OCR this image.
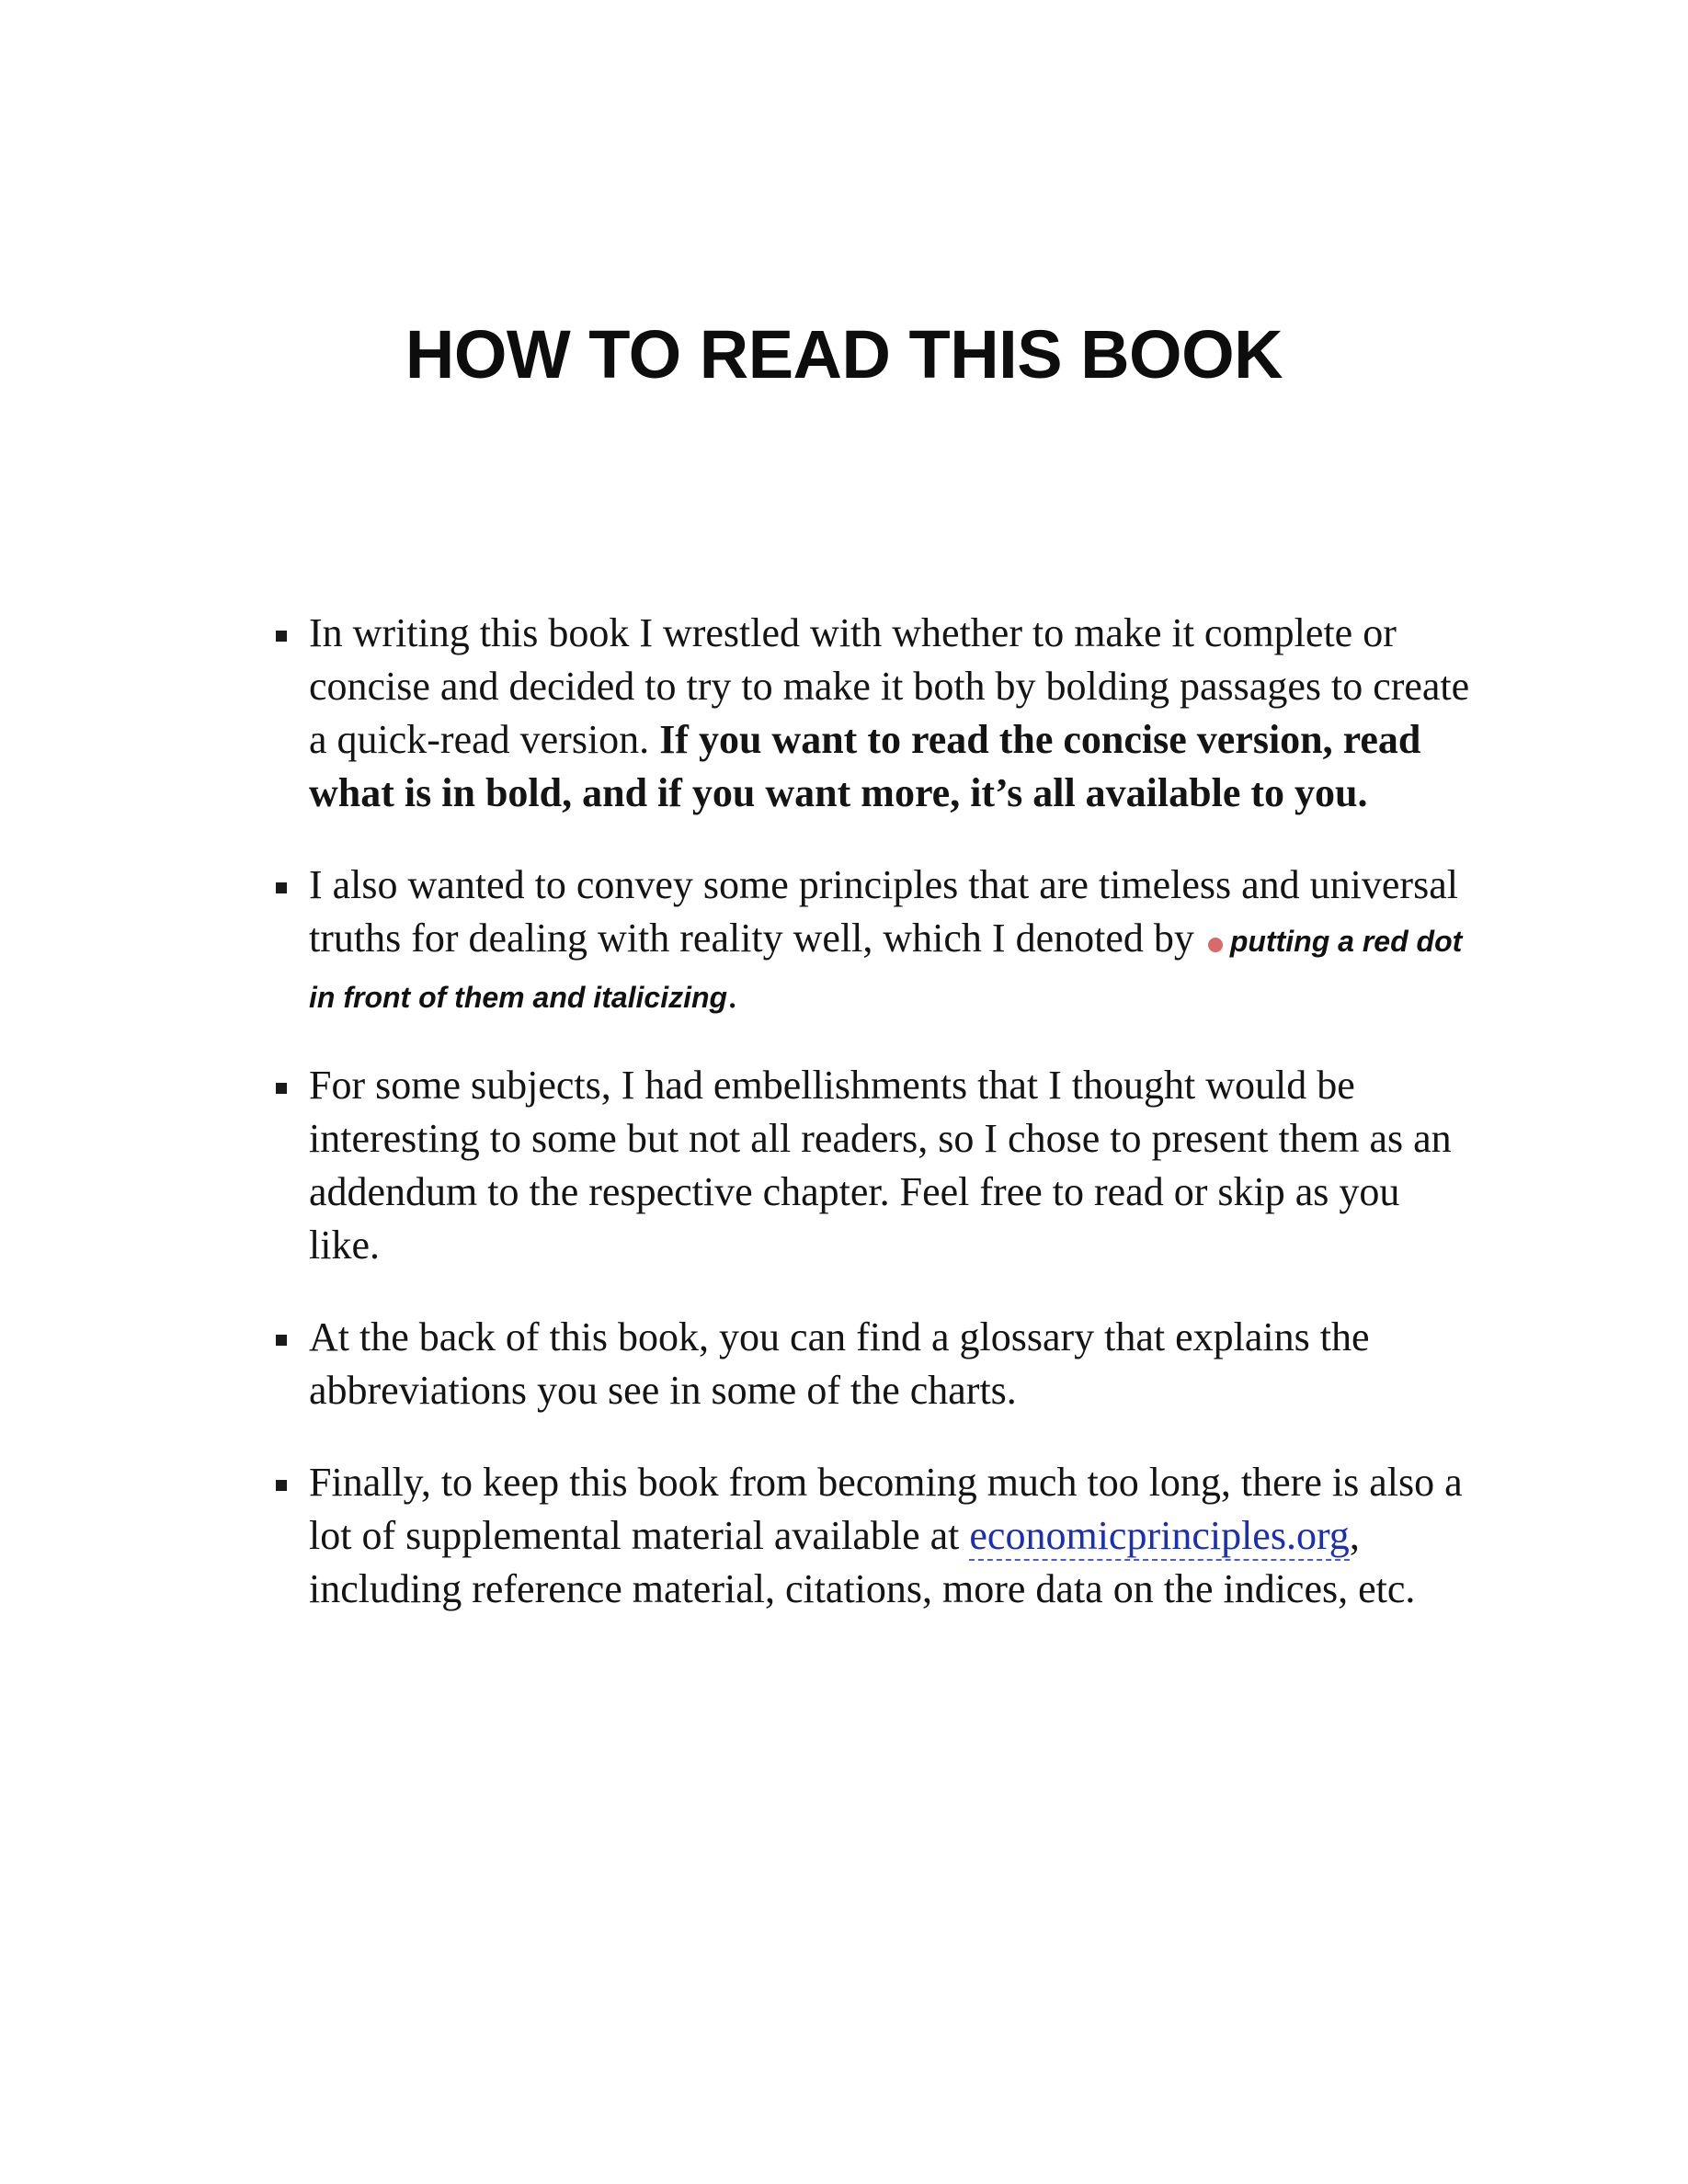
HOW TO READ THIS BOOK
In writing this book I wrestled with whether to make it complete or concise and decided to try to make it both by bolding passages to create a quick-read version. If you want to read the concise version, read what is in bold, and if you want more, it’s all available to you.
I also wanted to convey some principles that are timeless and universal truths for dealing with reality well, which I denoted by putting a red dot in front of them and italicizing.
For some subjects, I had embellishments that I thought would be interesting to some but not all readers, so I chose to present them as an addendum to the respective chapter. Feel free to read or skip as you like.
At the back of this book, you can find a glossary that explains the abbreviations you see in some of the charts.
Finally, to keep this book from becoming much too long, there is also a lot of supplemental material available at economicprinciples.org, including reference material, citations, more data on the indices, etc.
